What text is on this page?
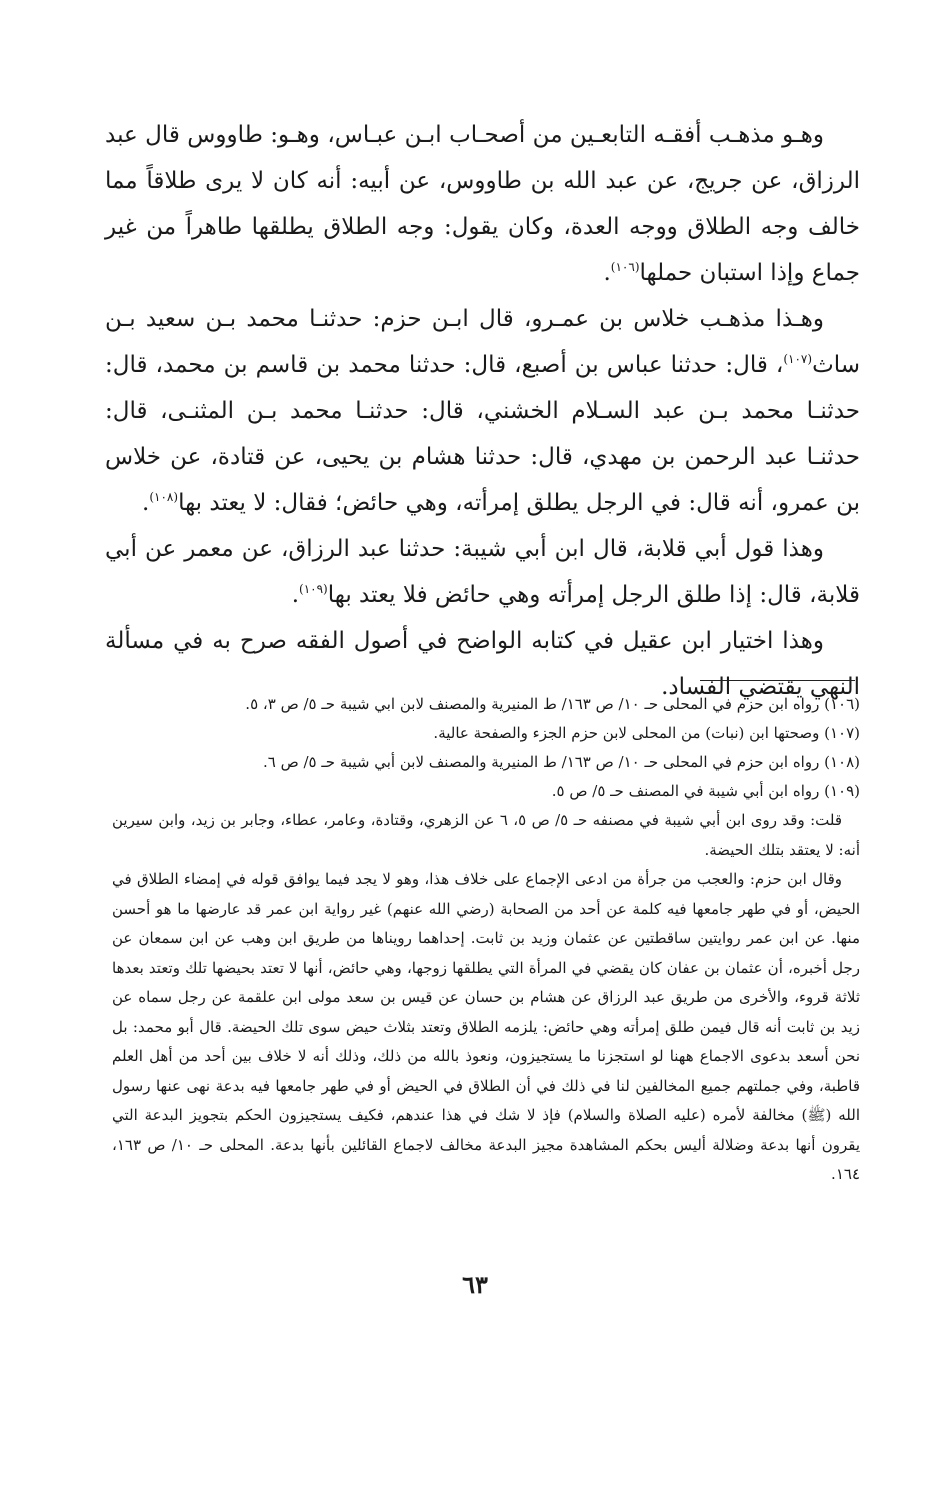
وهـو مذهـب أفقـه التابعـين من أصحـاب ابـن عبـاس، وهـو: طاووس قال عبد الرزاق، عن جريج، عن عبد الله بن طاووس، عن أبيه: أنه كان لا يرى طلاقاً مما خالف وجه الطلاق ووجه العدة، وكان يقول: وجه الطلاق يطلقها طاهراً من غير جماع وإذا استبان حملها$^{(١٠٦)}$.

وهـذا مذهـب خلاس بن عمـرو، قال ابـن حزم: حدثنـا محمد بـن سعيد بـن ساث$^{(١٠٧)}$، قال: حدثنا عباس بن أصبع، قال: حدثنا محمد بن قاسم بن محمد، قال: حدثنـا محمد بـن عبد السـلام الخشني، قال: حدثنـا محمد بـن المثنـى، قال: حدثنـا عبد الرحمن بن مهدي، قال: حدثنا هشام بن يحيى، عن قتادة، عن خلاس بن عمرو، أنه قال: في الرجل يطلق إمرأته، وهي حائض؛ فقال: لا يعتد بها$^{(١٠٨)}$.

وهذا قول أبي قلابة، قال ابن أبي شيبة: حدثنا عبد الرزاق، عن معمر عن أبي قلابة، قال: إذا طلق الرجل إمرأته وهي حائض فلا يعتد بها$^{(١٠٩)}$.

وهذا اختيار ابن عقيل في كتابه الواضح في أصول الفقه صرح به في مسألة النهي يقتضي الفساد.

(١٠٦) رواه ابن حزم في المحلى حـ ١٠/ ص ١٦٣/ ط المنيرية والمصنف لابن ابي شيبة حـ ٥/ ص ٣، ٥.

(١٠٧) وصحتها ابن (نبات) من المحلى لابن حزم الجزء والصفحة عالية.

(١٠٨) رواه ابن حزم في المحلى حـ ١٠/ ص ١٦٣/ ط المنيرية والمصنف لابن أبي شيبة حـ ٥/ ص ٦.

(١٠٩) رواه ابن أبي شيبة في المصنف حـ ٥/ ص ٥.

قلت: وقد روى ابن أبي شيبة في مصنفه حـ ٥/ ص ٥، ٦ عن الزهري، وقتادة، وعامر، عطاء، وجابر بن زيد، وابن سيرين أنه: لا يعتقد بتلك الحيضة.

وقال ابن حزم: والعجب من جرأة من ادعى الإجماع على خلاف هذا، وهو لا يجد فيما يوافق قوله في إمضاء الطلاق في الحيض، أو في طهر جامعها فيه كلمة عن أحد من الصحابة (رضي الله عنهم) غير رواية ابن عمر قد عارضها ما هو أحسن منها. عن ابن عمر روايتين ساقطتين عن عثمان وزيد بن ثابت. إحداهما رويناها من طريق ابن وهب عن ابن سمعان عن رجل أخبره، أن عثمان بن عفان كان يقضي في المرأة التي يطلقها زوجها، وهي حائض، أنها لا تعتد بحيضها تلك وتعتد بعدها ثلاثة قروء، والأخرى من طريق عبد الرزاق عن هشام بن حسان عن قيس بن سعد مولى ابن علقمة عن رجل سماه عن زيد بن ثابت أنه قال فيمن طلق إمرأته وهي حائض: يلزمه الطلاق وتعتد بثلاث حيض سوى تلك الحيضة. قال أبو محمد: بل نحن أسعد بدعوى الاجماع ههنا لو استجزنا ما يستجيزون، ونعوذ بالله من ذلك، وذلك أنه لا خلاف بين أحد من أهل العلم قاطبة، وفي جملتهم جميع المخالفين لنا في ذلك في أن الطلاق في الحيض أو في طهر جامعها فيه بدعة نهى عنها رسول الله (ﷺ) مخالفة لأمره (عليه الصلاة والسلام) فإذ لا شك في هذا عندهم، فكيف يستجيزون الحكم بتجويز البدعة التي يقرون أنها بدعة وضلالة أليس بحكم المشاهدة مجيز البدعة مخالف لاجماع القائلين بأنها بدعة. المحلى حـ ١٠/ ص ١٦٣، ١٦٤.

٦٣
